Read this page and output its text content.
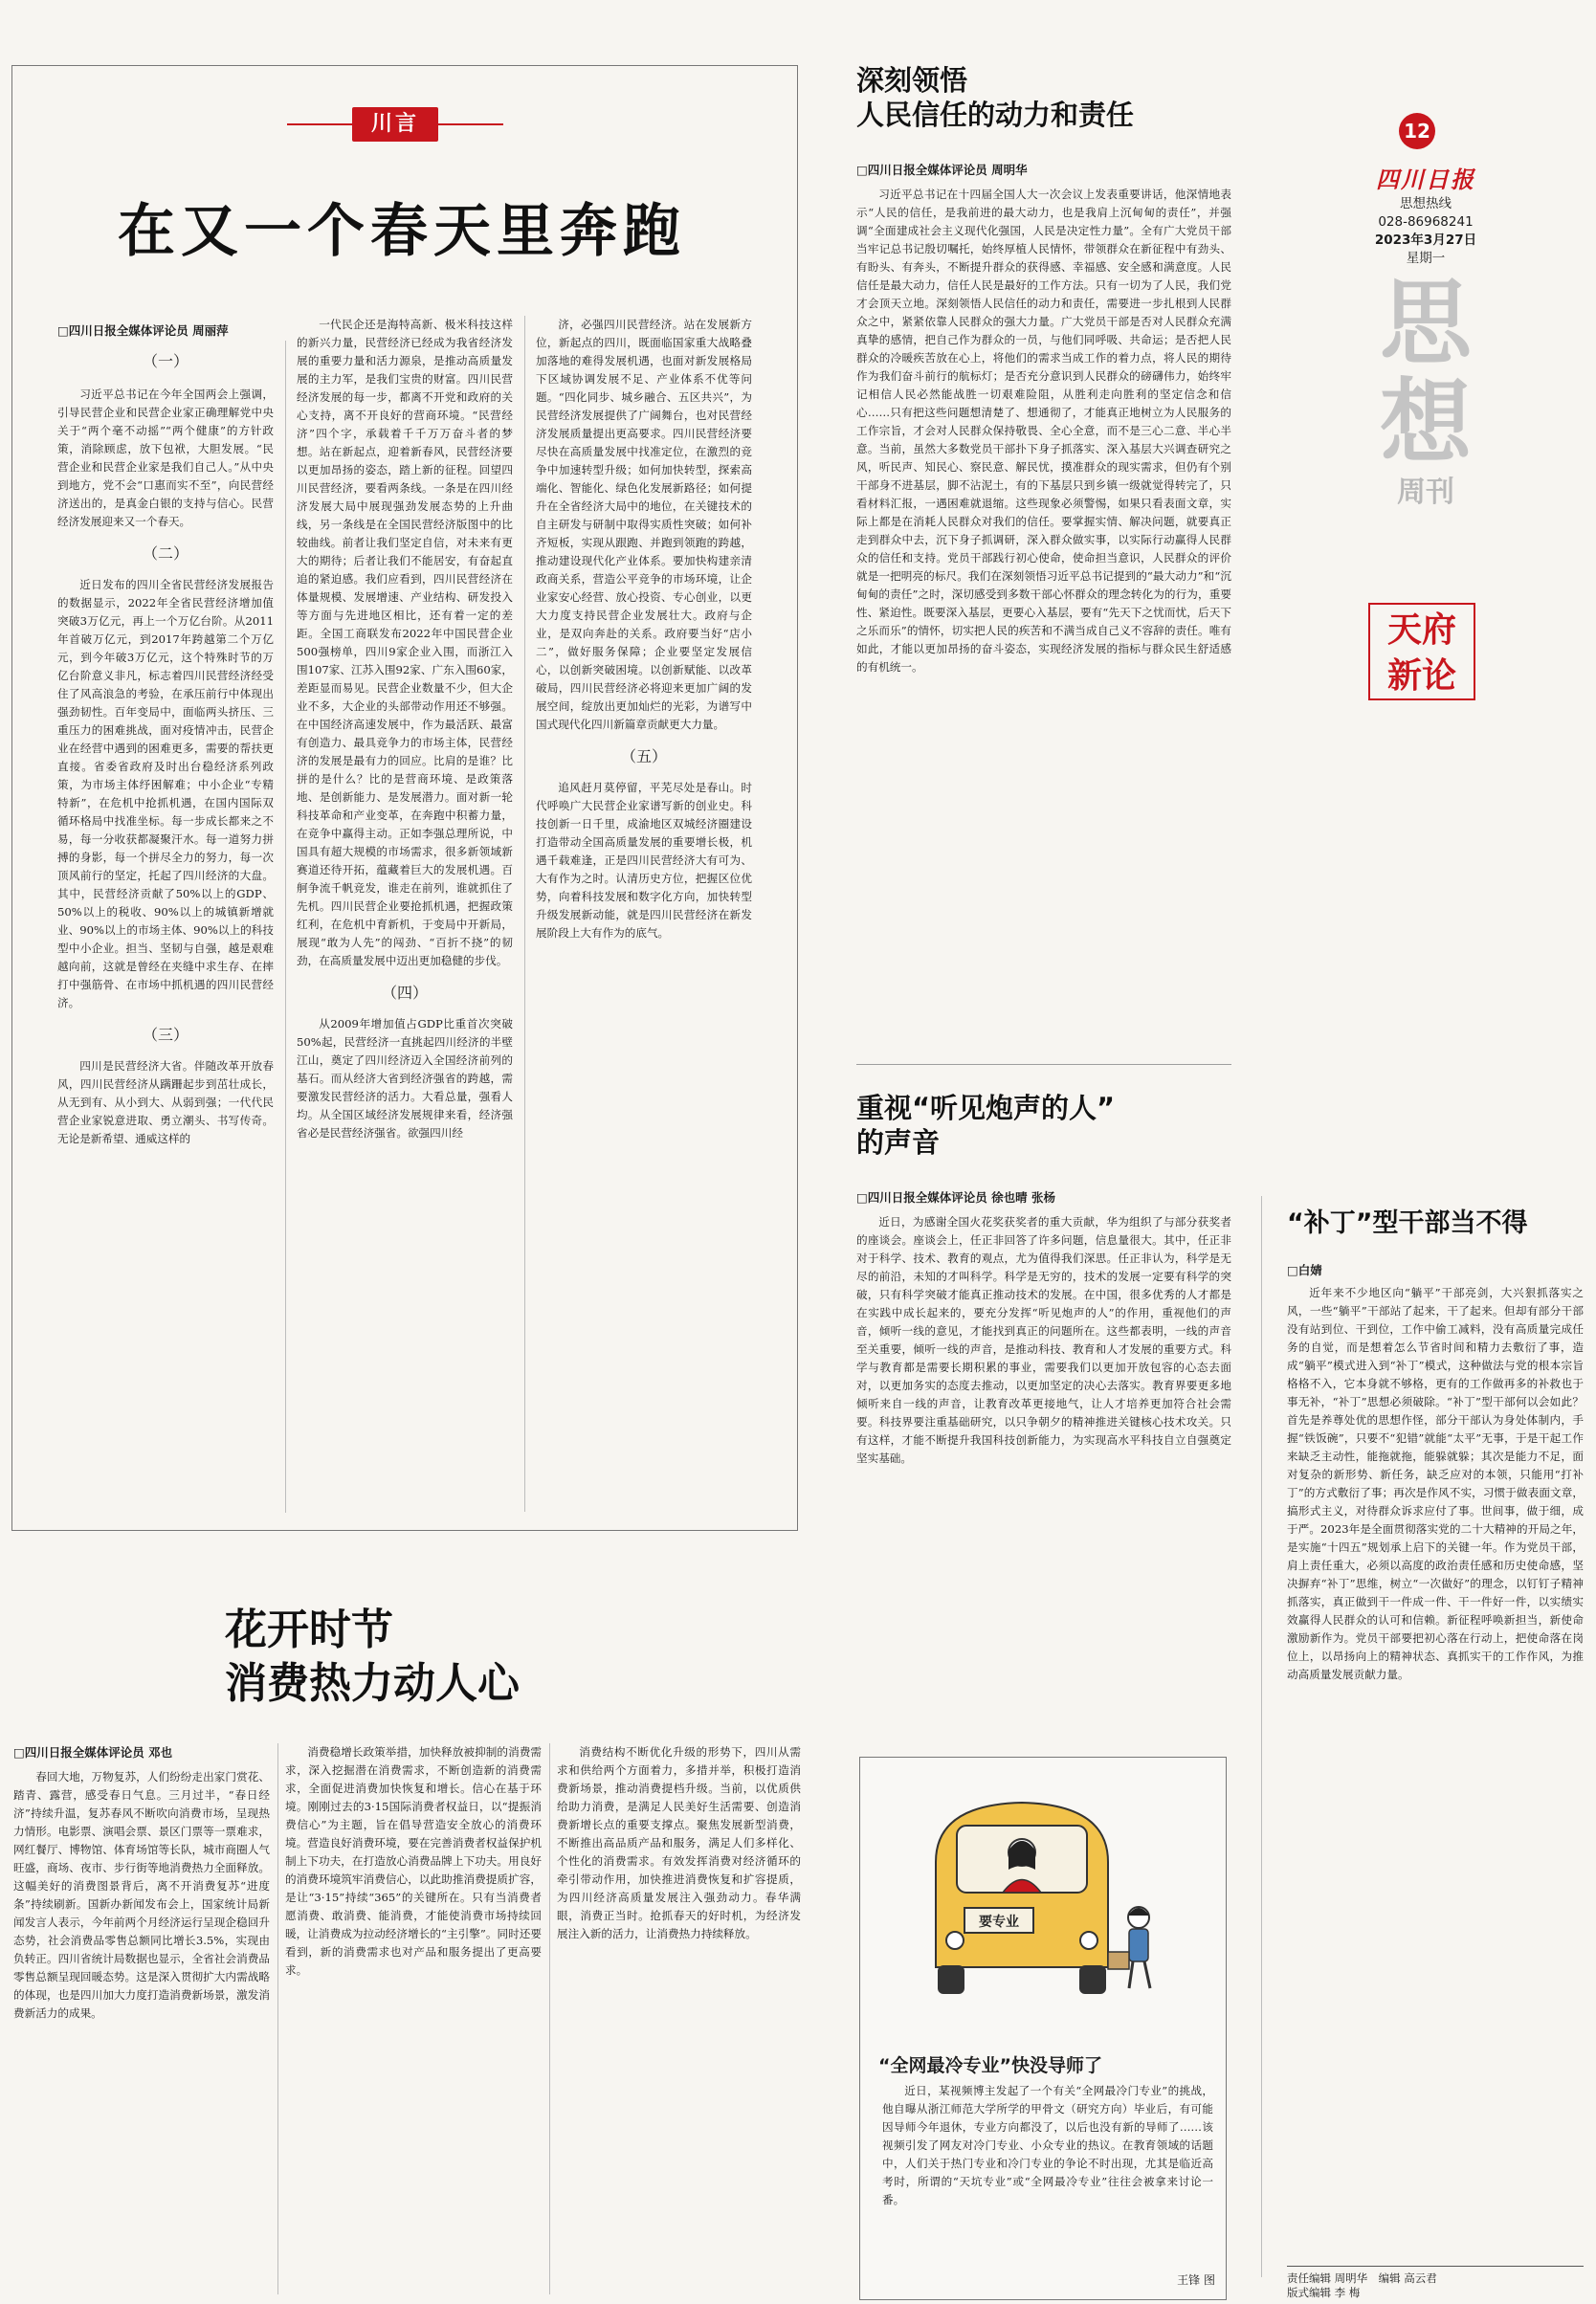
川言
在又一个春天里奔跑
□四川日报全媒体评论员 周丽萍
（一）

习近平总书记在今年全国两会上强调，引导民营企业和民营企业家正确理解党中央关于“两个毫不动摇”“两个健康”的方针政策，消除顾虑，放下包袱，大胆发展。“民营企业和民营企业家是我们自己人。”从中央到地方，党不会“口惠而实不至”，向民营经济送出的，是真金白银的支持与信心。民营经济发展迎来又一个春天。

（二）

近日发布的四川全省民营经济发展报告的数据显示，2022年全省民营经济增加值突破3万亿元，再上一个万亿台阶。从2011年首破万亿元，到2017年跨越第二个万亿元，到今年破3万亿元，这个特殊时节的万亿台阶意义非凡，标志着四川民营经济经受住了风高浪急的考验，在承压前行中体现出强劲韧性。百年变局中，面临两头挤压、三重压力的困难挑战，面对疫情冲击，民营企业在经营中遇到的困难更多，需要的帮扶更直接。省委省政府及时出台稳经济系列政策，为市场主体纾困解难；中小企业“专精特新”，在危机中抢抓机遇，在国内国际双循环格局中找准坐标。每一步成长都来之不易，每一分收获都凝聚汗水。每一道努力拼搏的身影，每一个拼尽全力的努力，每一次顶风前行的坚定，托起了四川经济的大盘。其中，民营经济贡献了50%以上的GDP、50%以上的税收、90%以上的城镇新增就业、90%以上的市场主体、90%以上的科技型中小企业。担当、坚韧与自强，越是艰难越向前，这就是曾经在夹缝中求生存、在摔打中强筋骨、在市场中抓机遇的四川民营经济。

（三）

四川是民营经济大省。伴随改革开放春风，四川民营经济从蹒跚起步到茁壮成长，从无到有、从小到大、从弱到强；一代代民营企业家锐意进取、勇立潮头、书写传奇。无论是新希望、通威这样的

一代民企还是海特高新、极米科技这样的新兴力量，民营经济已经成为我省经济发展的重要力量和活力源泉，是推动高质量发展的主力军，是我们宝贵的财富。四川民营经济发展的每一步，都离不开党和政府的关心支持，离不开良好的营商环境。“民营经济”四个字，承载着千千万万奋斗者的梦想。站在新起点，迎着新春风，民营经济要以更加昂扬的姿态，踏上新的征程。回望四川民营经济，要看两条线。一条是在四川经济发展大局中展现强劲发展态势的上升曲线，另一条线是在全国民营经济版图中的比较曲线。前者让我们坚定自信，对未来有更大的期待；后者让我们不能居安，有奋起直追的紧迫感。我们应看到，四川民营经济在体量规模、发展增速、产业结构、研发投入等方面与先进地区相比，还有着一定的差距。全国工商联发布2022年中国民营企业500强榜单，四川9家企业入围，而浙江入围107家、江苏入围92家、广东入围60家，差距显而易见。民营企业数量不少，但大企业不多，大企业的头部带动作用还不够强。在中国经济高速发展中，作为最活跃、最富有创造力、最具竞争力的市场主体，民营经济的发展是最有力的回应。比肩的是谁？比拼的是什么？比的是营商环境、是政策落地、是创新能力、是发展潜力。面对新一轮科技革命和产业变革，在奔跑中积蓄力量，在竞争中赢得主动。正如李强总理所说，中国具有超大规模的市场需求，很多新领域新赛道还待开拓，蕴藏着巨大的发展机遇。百舸争流千帆竞发，谁走在前列，谁就抓住了先机。四川民营企业要抢抓机遇，把握政策红利，在危机中育新机，于变局中开新局，展现“敢为人先”的闯劲、“百折不挠”的韧劲，在高质量发展中迈出更加稳健的步伐。

（四）

从2009年增加值占GDP比重首次突破50%起，民营经济一直挑起四川经济的半壁江山，奠定了四川经济迈入全国经济前列的基石。而从经济大省到经济强省的跨越，需要激发民营经济的活力。大看总量，强看人均。从全国区域经济发展规律来看，经济强省必是民营经济强省。欲强四川经

济，必强四川民营经济。站在发展新方位，新起点的四川，既面临国家重大战略叠加落地的难得发展机遇，也面对新发展格局下区域协调发展不足、产业体系不优等问题。“四化同步、城乡融合、五区共兴”，为民营经济发展提供了广阔舞台，也对民营经济发展质量提出更高要求。四川民营经济要尽快在高质量发展中找准定位，在激烈的竞争中加速转型升级；如何加快转型，探索高端化、智能化、绿色化发展新路径；如何提升在全省经济大局中的地位，在关键技术的自主研发与研制中取得实质性突破；如何补齐短板，实现从跟跑、并跑到领跑的跨越，推动建设现代化产业体系。要加快构建亲清政商关系，营造公平竞争的市场环境，让企业家安心经营、放心投资、专心创业，以更大力度支持民营企业发展壮大。政府与企业，是双向奔赴的关系。政府要当好“店小二”，做好服务保障；企业要坚定发展信心，以创新突破困境。以创新赋能、以改革破局，四川民营经济必将迎来更加广阔的发展空间，绽放出更加灿烂的光彩，为谱写中国式现代化四川新篇章贡献更大力量。

（五）

追风赶月莫停留，平芜尽处是春山。时代呼唤广大民营企业家谱写新的创业史。科技创新一日千里，成渝地区双城经济圈建设打造带动全国高质量发展的重要增长极，机遇千载难逢，正是四川民营经济大有可为、大有作为之时。认清历史方位，把握区位优势，向着科技发展和数字化方向，加快转型升级发展新动能，就是四川民营经济在新发展阶段上大有作为的底气。

深刻领悟
人民信任的动力和责任
□四川日报全媒体评论员 周明华

习近平总书记在十四届全国人大一次会议上发表重要讲话，他深情地表示“人民的信任，是我前进的最大动力，也是我肩上沉甸甸的责任”，并强调“全面建成社会主义现代化强国，人民是决定性力量”。全有广大党员干部当牢记总书记殷切嘱托，始终厚植人民情怀，带领群众在新征程中有劲头、有盼头、有奔头，不断提升群众的获得感、幸福感、安全感和满意度。人民信任是最大动力，信任人民是最好的工作方法。只有一切为了人民，我们党才会顶天立地。深刻领悟人民信任的动力和责任，需要进一步扎根到人民群众之中，紧紧依靠人民群众的强大力量。广大党员干部是否对人民群众充满真挚的感情，把自己作为群众的一员，与他们同呼吸、共命运；是否把人民群众的冷暖疾苦放在心上，将他们的需求当成工作的着力点，将人民的期待作为我们奋斗前行的航标灯；是否充分意识到人民群众的磅礴伟力，始终牢记相信人民必然能战胜一切艰难险阻，从胜利走向胜利的坚定信念和信心……只有把这些问题想清楚了、想通彻了，才能真正地树立为人民服务的工作宗旨，才会对人民群众保持敬畏、全心全意，而不是三心二意、半心半意。当前，虽然大多数党员干部扑下身子抓落实、深入基层大兴调查研究之风，听民声、知民心、察民意、解民忧，摸准群众的现实需求，但仍有个别干部身不进基层，脚不沾泥土，有的下基层只到乡镇一级就觉得转完了，只看材料汇报，一遇困难就退缩。这些现象必须警惕，如果只看表面文章，实际上都是在消耗人民群众对我们的信任。要掌握实情、解决问题，就要真正走到群众中去，沉下身子抓调研，深入群众做实事，以实际行动赢得人民群众的信任和支持。党员干部践行初心使命，使命担当意识，人民群众的评价就是一把明亮的标尺。我们在深刻领悟习近平总书记提到的“最大动力”和“沉甸甸的责任”之时，深切感受到多数干部心怀群众的理念转化为的行为，重要性、紧迫性。既要深入基层，更要心入基层，要有“先天下之忧而忧，后天下之乐而乐”的情怀，切实把人民的疾苦和不满当成自己义不容辞的责任。唯有如此，才能以更加昂扬的奋斗姿态，实现经济发展的指标与群众民生舒适感的有机统一。

重视“听见炮声的人”
的声音
□四川日报全媒体评论员 徐也晴 张杨

近日，为感谢全国火花奖获奖者的重大贡献，华为组织了与部分获奖者的座谈会。座谈会上，任正非回答了许多问题，信息量很大。其中，任正非对于科学、技术、教育的观点，尤为值得我们深思。任正非认为，科学是无尽的前沿，未知的才叫科学。科学是无穷的，技术的发展一定要有科学的突破，只有科学突破才能真正推动技术的发展。在中国，很多优秀的人才都是在实践中成长起来的，要充分发挥“听见炮声的人”的作用，重视他们的声音，倾听一线的意见，才能找到真正的问题所在。这些都表明，一线的声音至关重要，倾听一线的声音，是推动科技、教育和人才发展的重要方式。科学与教育都是需要长期积累的事业，需要我们以更加开放包容的心态去面对，以更加务实的态度去推动，以更加坚定的决心去落实。教育界要更多地倾听来自一线的声音，让教育改革更接地气，让人才培养更加符合社会需要。科技界要注重基础研究，以只争朝夕的精神推进关键核心技术攻关。只有这样，才能不断提升我国科技创新能力，为实现高水平科技自立自强奠定坚实基础。

12
四川日报
思想热线
028-86968241
2023年3月27日
星期一
思
想
周刊
天府新论
“补丁”型干部当不得
□白婧

近年来不少地区向“躺平”干部亮剑，大兴狠抓落实之风，一些“躺平”干部站了起来，干了起来。但却有部分干部没有站到位、干到位，工作中偷工减料，没有高质量完成任务的自觉，而是想着怎么节省时间和精力去敷衍了事，造成“躺平”模式进入到“补丁”模式，这种做法与党的根本宗旨格格不入，它本身就不够格，更有的工作做再多的补救也于事无补，“补丁”思想必须破除。“补丁”型干部何以会如此？首先是养尊处优的思想作怪，部分干部认为身处体制内，手握“铁饭碗”，只要不“犯错”就能“太平”无事，于是干起工作来缺乏主动性，能拖就拖，能躲就躲；其次是能力不足，面对复杂的新形势、新任务，缺乏应对的本领，只能用“打补丁”的方式敷衍了事；再次是作风不实，习惯于做表面文章，搞形式主义，对待群众诉求应付了事。世间事，做于细，成于严。2023年是全面贯彻落实党的二十大精神的开局之年，是实施“十四五”规划承上启下的关键一年。作为党员干部，肩上责任重大，必须以高度的政治责任感和历史使命感，坚决摒弃“补丁”思维，树立“一次做好”的理念，以钉钉子精神抓落实，真正做到干一件成一件、干一件好一件，以实绩实效赢得人民群众的认可和信赖。新征程呼唤新担当，新使命激励新作为。党员干部要把初心落在行动上，把使命落在岗位上，以昂扬向上的精神状态、真抓实干的工作作风，为推动高质量发展贡献力量。

花开时节
消费热力动人心
□四川日报全媒体评论员 邓也

春回大地，万物复苏，人们纷纷走出家门赏花、踏青、露营，感受春日气息。三月过半，“春日经济”持续升温，复苏春风不断吹向消费市场，呈现热力情形。电影票、演唱会票、景区门票等一票难求，网红餐厅、博物馆、体育场馆等长队，城市商圈人气旺盛，商场、夜市、步行街等地消费热力全面释放。这幅美好的消费图景背后，离不开消费复苏“进度条”持续刷新。国新办新闻发布会上，国家统计局新闻发言人表示，今年前两个月经济运行呈现企稳回升态势，社会消费品零售总额同比增长3.5%，实现由负转正。四川省统计局数据也显示，全省社会消费品零售总额呈现回暖态势。这是深入贯彻扩大内需战略的体现，也是四川加大力度打造消费新场景，激发消费新活力的成果。

消费稳增长政策举措，加快释放被抑制的消费需求，深入挖掘潜在消费需求，不断创造新的消费需求，全面促进消费加快恢复和增长。信心在基于环境。刚刚过去的3·15国际消费者权益日，以“提振消费信心”为主题，旨在倡导营造安全放心的消费环境。营造良好消费环境，要在完善消费者权益保护机制上下功夫，在打造放心消费品牌上下功夫。用良好的消费环境筑牢消费信心，以此助推消费提质扩容，是让“3·15”持续“365”的关键所在。只有当消费者愿消费、敢消费、能消费，才能使消费市场持续回暖，让消费成为拉动经济增长的“主引擎”。同时还要看到，新的消费需求也对产品和服务提出了更高要求。

消费结构不断优化升级的形势下，四川从需求和供给两个方面着力，多措并举，积极打造消费新场景，推动消费提档升级。当前，以优质供给助力消费，是满足人民美好生活需要、创造消费新增长点的重要支撑点。聚焦发展新型消费，不断推出高品质产品和服务，满足人们多样化、个性化的消费需求。有效发挥消费对经济循环的牵引带动作用，加快推进消费恢复和扩容提质，为四川经济高质量发展注入强劲动力。春华满眼，消费正当时。抢抓春天的好时机，为经济发展注入新的活力，让消费热力持续释放。

要专业
“全网最冷专业”快没导师了

近日，某视频博主发起了一个有关“全网最冷门专业”的挑战，他自曝从浙江师范大学所学的甲骨文（研究方向）毕业后，有可能因导师今年退休，专业方向都没了，以后也没有新的导师了……该视频引发了网友对冷门专业、小众专业的热议。在教育领域的话题中，人们关于热门专业和冷门专业的争论不时出现，尤其是临近高考时，所谓的“天坑专业”或“全网最冷专业”往往会被拿来讨论一番。

王锋 图	责任编辑 周明华　编辑 高云君
版式编辑 李 梅
